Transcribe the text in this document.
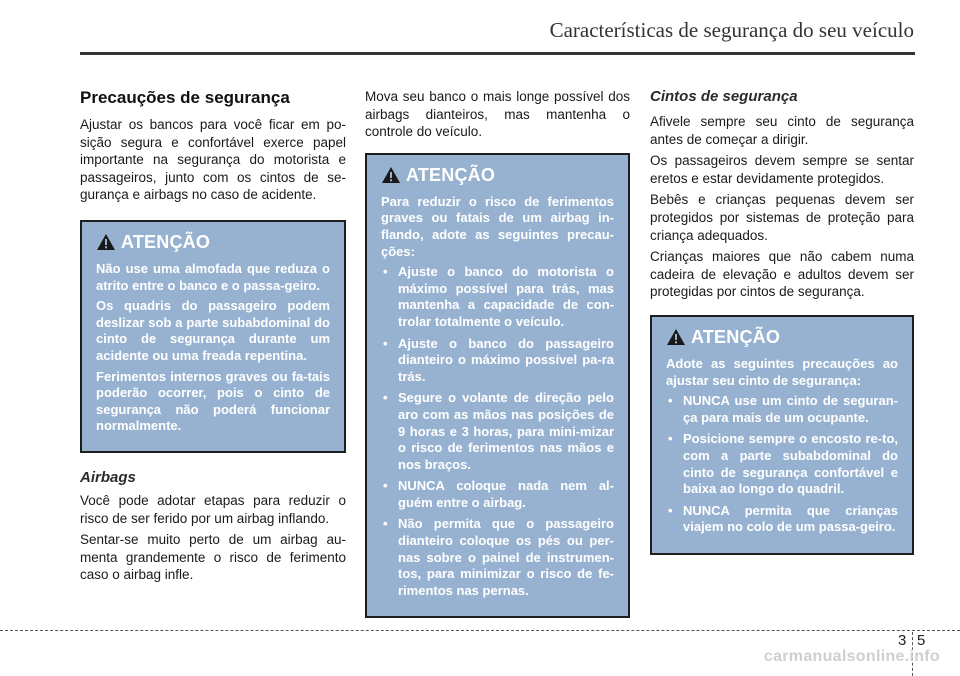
Características de segurança do seu veículo
Precauções de segurança

Ajustar os bancos para você ficar em po-sição segura e confortável exerce papel importante na segurança do motorista e passageiros, junto com os cintos de se-gurança e airbags no caso de acidente.

ATENÇÃO

Não use uma almofada que reduza o atrito entre o banco e o passa-geiro.

Os quadris do passageiro podem deslizar sob a parte subabdominal do cinto de segurança durante um acidente ou uma freada repentina.

Ferimentos internos graves ou fa-tais poderão ocorrer, pois o cinto de segurança não poderá funcionar normalmente.

Airbags

Você pode adotar etapas para reduzir o risco de ser ferido por um airbag inflando.

Sentar-se muito perto de um airbag au-menta grandemente o risco de ferimento caso o airbag infle.

Mova seu banco o mais longe possível dos airbags dianteiros, mas mantenha o controle do veículo.

ATENÇÃO

Para reduzir o risco de ferimentos graves ou fatais de um airbag in-flando, adote as seguintes precau-ções:

• Ajuste o banco do motorista o máximo possível para trás, mas mantenha a capacidade de con-trolar totalmente o veículo.
• Ajuste o banco do passageiro dianteiro o máximo possível pa-ra trás.
• Segure o volante de direção pelo aro com as mãos nas posições de 9 horas e 3 horas, para mini-mizar o risco de ferimentos nas mãos e nos braços.
• NUNCA coloque nada nem al-guém entre o airbag.
• Não permita que o passageiro dianteiro coloque os pés ou per-nas sobre o painel de instrumen-tos, para minimizar o risco de fe-rimentos nas pernas.
Cintos de segurança

Afivele sempre seu cinto de segurança antes de começar a dirigir.

Os passageiros devem sempre se sentar eretos e estar devidamente protegidos.

Bebês e crianças pequenas devem ser protegidos por sistemas de proteção para criança adequados.

Crianças maiores que não cabem numa cadeira de elevação e adultos devem ser protegidas por cintos de segurança.

ATENÇÃO

Adote as seguintes precauções ao ajustar seu cinto de segurança:

• NUNCA use um cinto de seguran-ça para mais de um ocupante.
• Posicione sempre o encosto re-to, com a parte subabdominal do cinto de segurança confortável e baixa ao longo do quadril.
• NUNCA permita que crianças viajem no colo de um passa-geiro.
3 5
carmanualsonline.info
